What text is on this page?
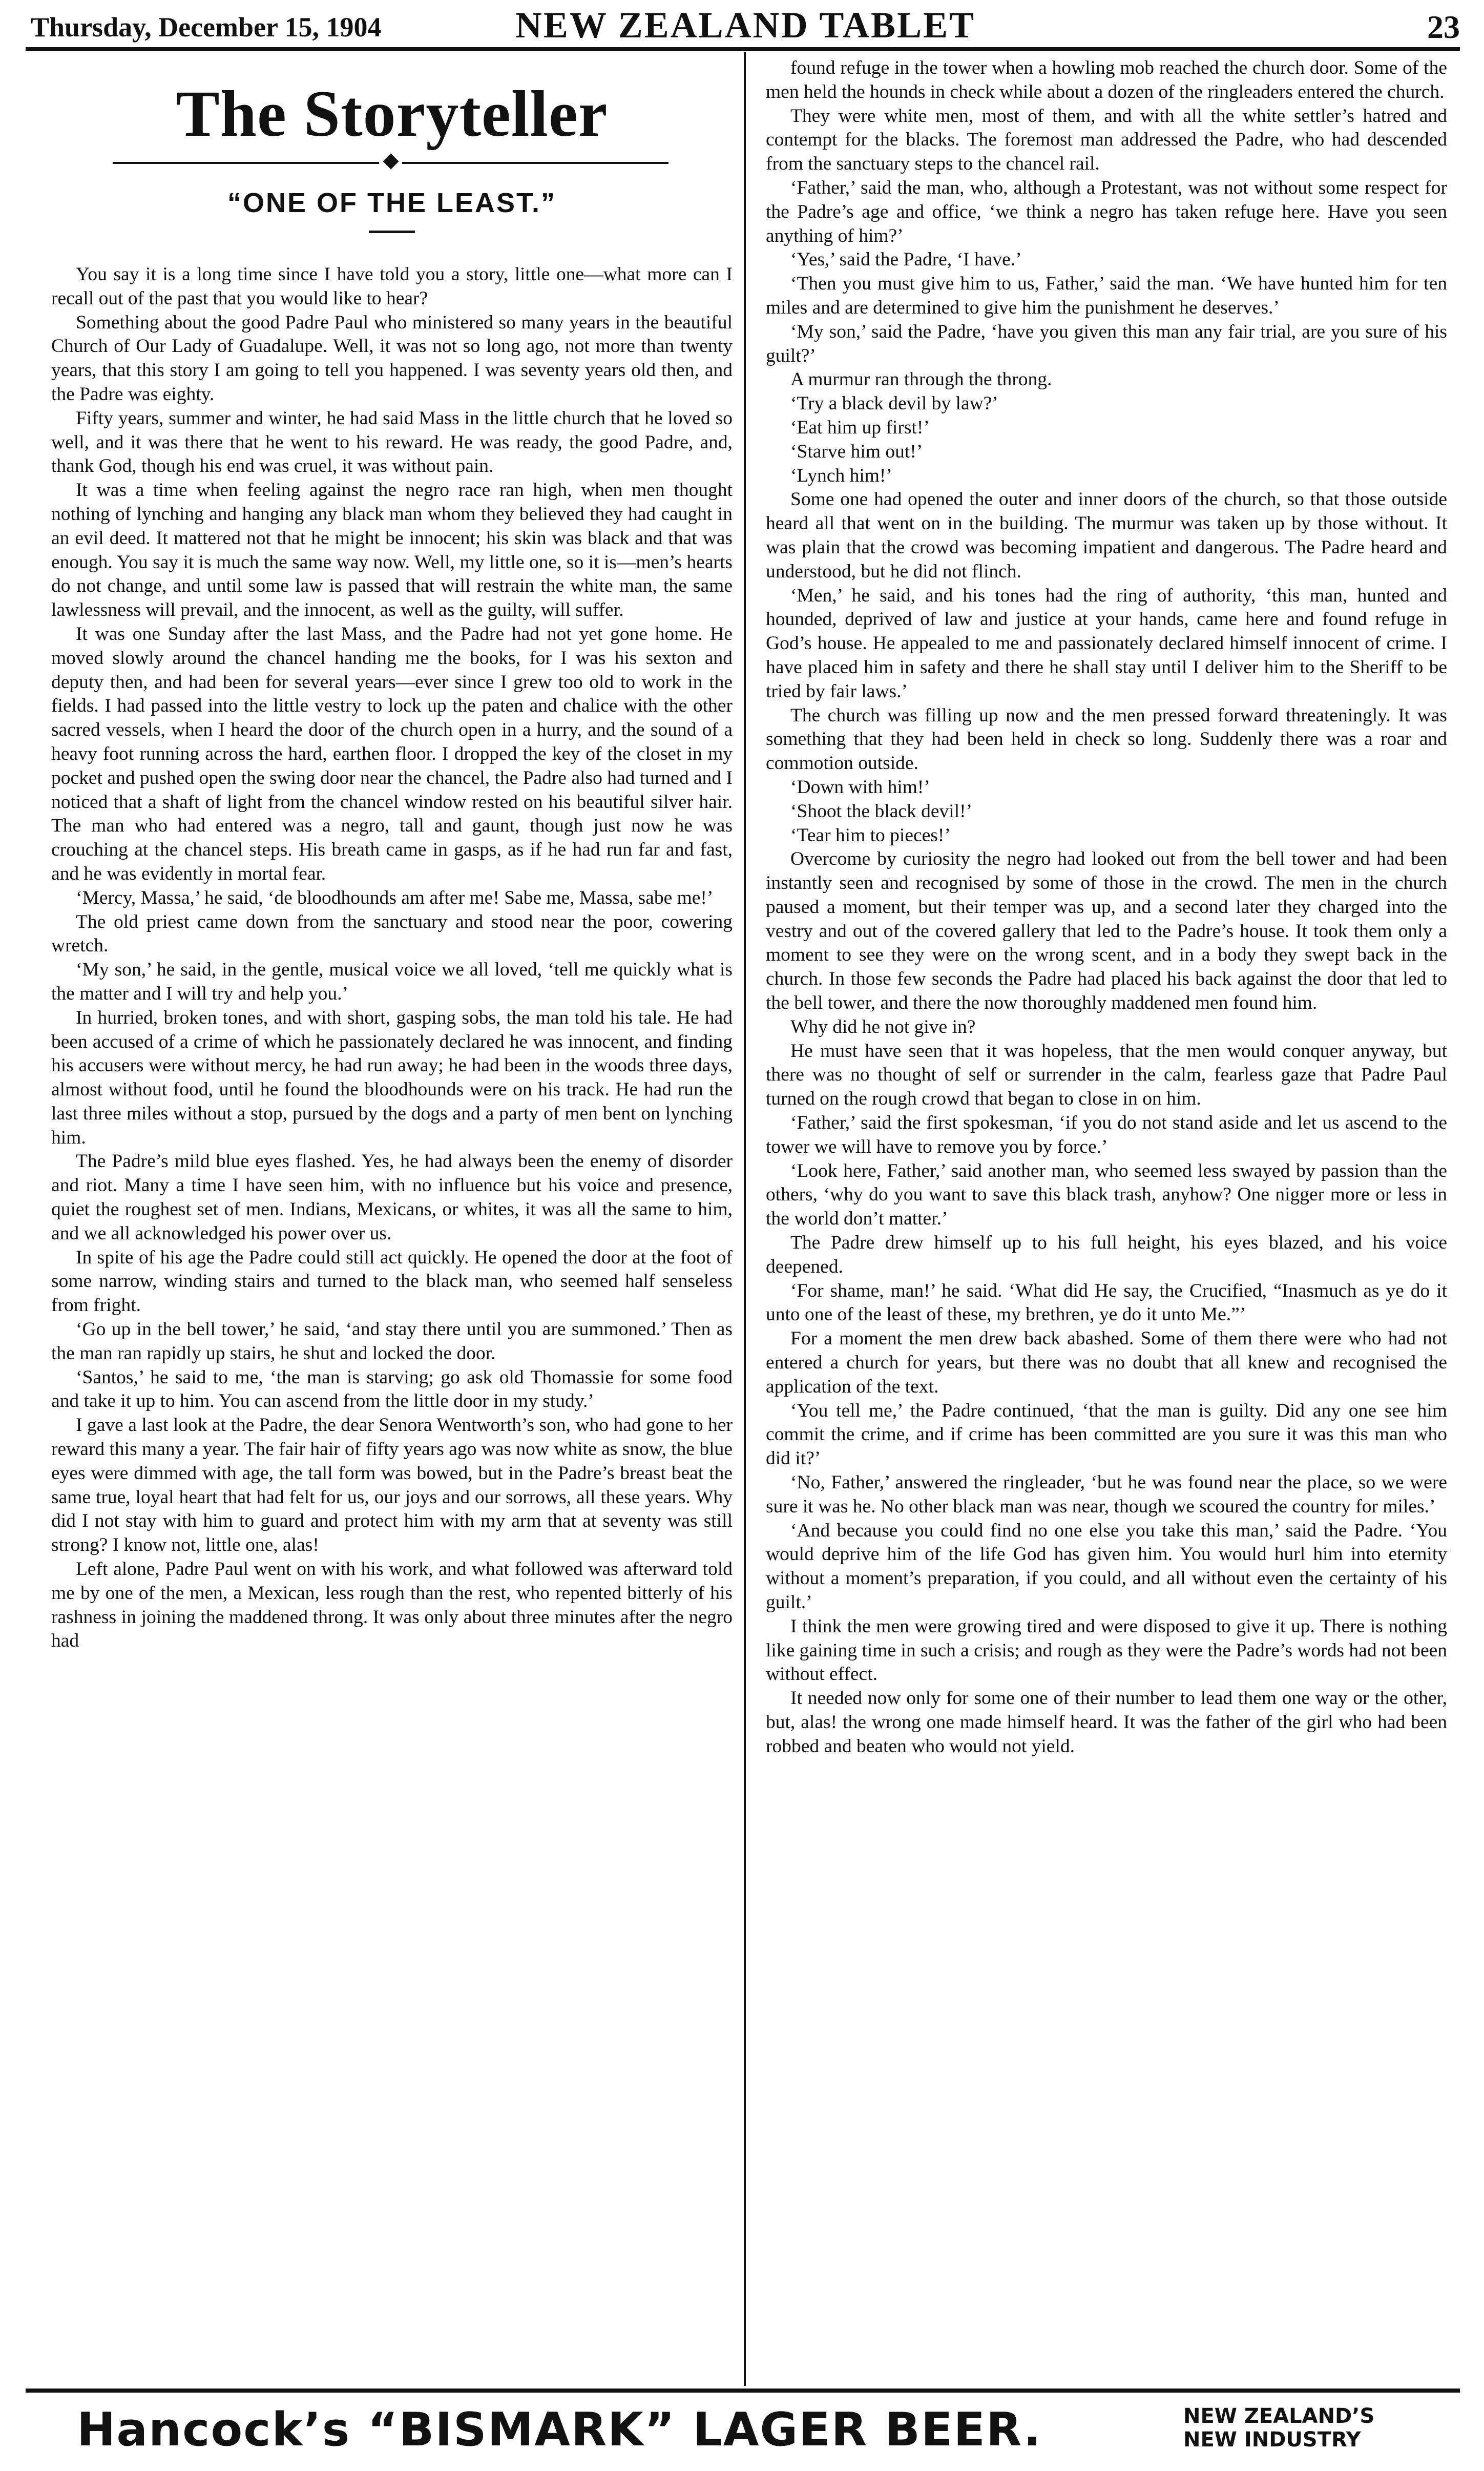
Thursday, December 15, 1904	NEW ZEALAND TABLET	23
The Storyteller
“ONE OF THE LEAST.”

You say it is a long time since I have told you a story, little one—what more can I recall out of the past that you would like to hear?

Something about the good Padre Paul who ministered so many years in the beautiful Church of Our Lady of Guadalupe. Well, it was not so long ago, not more than twenty years, that this story I am going to tell you happened. I was seventy years old then, and the Padre was eighty.

Fifty years, summer and winter, he had said Mass in the little church that he loved so well, and it was there that he went to his reward. He was ready, the good Padre, and, thank God, though his end was cruel, it was without pain.

It was a time when feeling against the negro race ran high, when men thought nothing of lynching and hanging any black man whom they believed they had caught in an evil deed. It mattered not that he might be innocent; his skin was black and that was enough. You say it is much the same way now. Well, my little one, so it is—men’s hearts do not change, and until some law is passed that will restrain the white man, the same lawlessness will prevail, and the innocent, as well as the guilty, will suffer.

It was one Sunday after the last Mass, and the Padre had not yet gone home. He moved slowly around the chancel handing me the books, for I was his sexton and deputy then, and had been for several years—ever since I grew too old to work in the fields. I had passed into the little vestry to lock up the paten and chalice with the other sacred vessels, when I heard the door of the church open in a hurry, and the sound of a heavy foot running across the hard, earthen floor. I dropped the key of the closet in my pocket and pushed open the swing door near the chancel, the Padre also had turned and I noticed that a shaft of light from the chancel window rested on his beautiful silver hair. The man who had entered was a negro, tall and gaunt, though just now he was crouching at the chancel steps. His breath came in gasps, as if he had run far and fast, and he was evidently in mortal fear.

‘Mercy, Massa,’ he said, ‘de bloodhounds am after me! Sabe me, Massa, sabe me!’

The old priest came down from the sanctuary and stood near the poor, cowering wretch.

‘My son,’ he said, in the gentle, musical voice we all loved, ‘tell me quickly what is the matter and I will try and help you.’

In hurried, broken tones, and with short, gasping sobs, the man told his tale. He had been accused of a crime of which he passionately declared he was innocent, and finding his accusers were without mercy, he had run away; he had been in the woods three days, almost without food, until he found the bloodhounds were on his track. He had run the last three miles without a stop, pursued by the dogs and a party of men bent on lynching him.

The Padre’s mild blue eyes flashed. Yes, he had always been the enemy of disorder and riot. Many a time I have seen him, with no influence but his voice and presence, quiet the roughest set of men. Indians, Mexicans, or whites, it was all the same to him, and we all acknowledged his power over us.

In spite of his age the Padre could still act quickly. He opened the door at the foot of some narrow, winding stairs and turned to the black man, who seemed half senseless from fright.

‘Go up in the bell tower,’ he said, ‘and stay there until you are summoned.’ Then as the man ran rapidly up stairs, he shut and locked the door.

‘Santos,’ he said to me, ‘the man is starving; go ask old Thomassie for some food and take it up to him. You can ascend from the little door in my study.’

I gave a last look at the Padre, the dear Senora Wentworth’s son, who had gone to her reward this many a year. The fair hair of fifty years ago was now white as snow, the blue eyes were dimmed with age, the tall form was bowed, but in the Padre’s breast beat the same true, loyal heart that had felt for us, our joys and our sorrows, all these years. Why did I not stay with him to guard and protect him with my arm that at seventy was still strong? I know not, little one, alas!

Left alone, Padre Paul went on with his work, and what followed was afterward told me by one of the men, a Mexican, less rough than the rest, who repented bitterly of his rashness in joining the maddened throng. It was only about three minutes after the negro had

found refuge in the tower when a howling mob reached the church door. Some of the men held the hounds in check while about a dozen of the ringleaders entered the church.

They were white men, most of them, and with all the white settler’s hatred and contempt for the blacks. The foremost man addressed the Padre, who had descended from the sanctuary steps to the chancel rail.

‘Father,’ said the man, who, although a Protestant, was not without some respect for the Padre’s age and office, ‘we think a negro has taken refuge here. Have you seen anything of him?’

‘Yes,’ said the Padre, ‘I have.’

‘Then you must give him to us, Father,’ said the man. ‘We have hunted him for ten miles and are determined to give him the punishment he deserves.’

‘My son,’ said the Padre, ‘have you given this man any fair trial, are you sure of his guilt?’

A murmur ran through the throng.

‘Try a black devil by law?’

‘Eat him up first!’

‘Starve him out!’

‘Lynch him!’

Some one had opened the outer and inner doors of the church, so that those outside heard all that went on in the building. The murmur was taken up by those without. It was plain that the crowd was becoming impatient and dangerous. The Padre heard and understood, but he did not flinch.

‘Men,’ he said, and his tones had the ring of authority, ‘this man, hunted and hounded, deprived of law and justice at your hands, came here and found refuge in God’s house. He appealed to me and passionately declared himself innocent of crime. I have placed him in safety and there he shall stay until I deliver him to the Sheriff to be tried by fair laws.’

The church was filling up now and the men pressed forward threateningly. It was something that they had been held in check so long. Suddenly there was a roar and commotion outside.

‘Down with him!’

‘Shoot the black devil!’

‘Tear him to pieces!’

Overcome by curiosity the negro had looked out from the bell tower and had been instantly seen and recognised by some of those in the crowd. The men in the church paused a moment, but their temper was up, and a second later they charged into the vestry and out of the covered gallery that led to the Padre’s house. It took them only a moment to see they were on the wrong scent, and in a body they swept back in the church. In those few seconds the Padre had placed his back against the door that led to the bell tower, and there the now thoroughly maddened men found him.

Why did he not give in?

He must have seen that it was hopeless, that the men would conquer anyway, but there was no thought of self or surrender in the calm, fearless gaze that Padre Paul turned on the rough crowd that began to close in on him.

‘Father,’ said the first spokesman, ‘if you do not stand aside and let us ascend to the tower we will have to remove you by force.’

‘Look here, Father,’ said another man, who seemed less swayed by passion than the others, ‘why do you want to save this black trash, anyhow? One nigger more or less in the world don’t matter.’

The Padre drew himself up to his full height, his eyes blazed, and his voice deepened.

‘For shame, man!’ he said. ‘What did He say, the Crucified, “Inasmuch as ye do it unto one of the least of these, my brethren, ye do it unto Me.”’

For a moment the men drew back abashed. Some of them there were who had not entered a church for years, but there was no doubt that all knew and recognised the application of the text.

‘You tell me,’ the Padre continued, ‘that the man is guilty. Did any one see him commit the crime, and if crime has been committed are you sure it was this man who did it?’

‘No, Father,’ answered the ringleader, ‘but he was found near the place, so we were sure it was he. No other black man was near, though we scoured the country for miles.’

‘And because you could find no one else you take this man,’ said the Padre. ‘You would deprive him of the life God has given him. You would hurl him into eternity without a moment’s preparation, if you could, and all without even the certainty of his guilt.’

I think the men were growing tired and were disposed to give it up. There is nothing like gaining time in such a crisis; and rough as they were the Padre’s words had not been without effect.

It needed now only for some one of their number to lead them one way or the other, but, alas! the wrong one made himself heard. It was the father of the girl who had been robbed and beaten who would not yield.

Hancock’s “BISMARK” LAGER BEER.	NEW ZEALAND’S
NEW INDUSTRY
